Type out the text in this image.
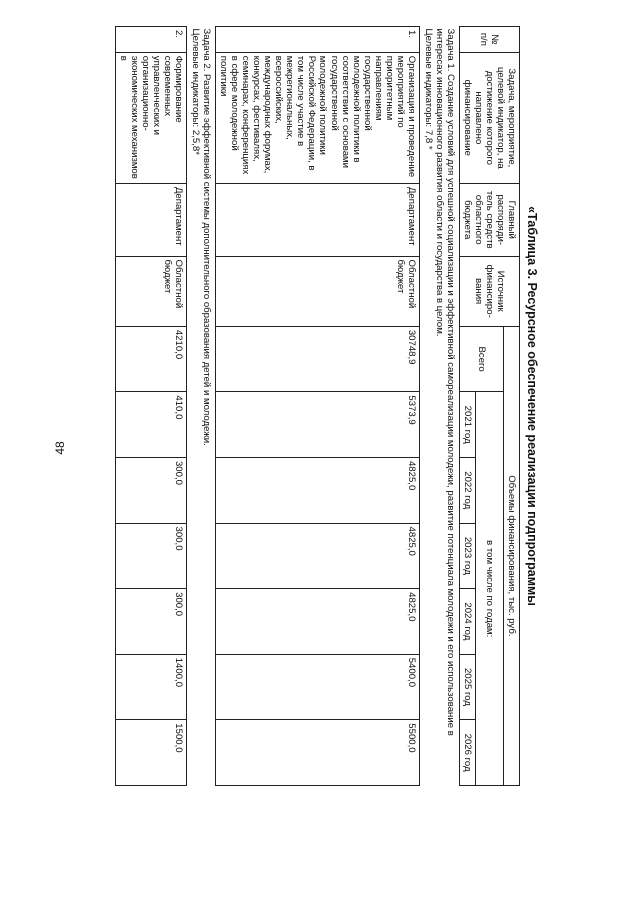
48	«Таблица 3. Ресурсное обеспечение реализации подпрограммы
№ п/п	Задача, мероприятие, целевой индикатор, на достижение которого направлено финансирование	Главный распоряди-тель средств областного бюджета	Источник финансиро-вания	Объемы финансирования, тыс. руб.						
				Всего	в том числе по годам:					
					2021 год	2022 год	2023 год	2024 год	2025 год	2026 год

Задача 1. Создание условий для успешной социализации и эффективной самореализации молодежи, развитие потенциала молодежи и его использование в интересах инновационного развития области и государства в целом.
Целевые индикаторы: 7,8 *										

1.	Организация и проведение мероприятий по приоритетным направлениям государственной молодежной политики в соответствии с основами государственной молодежной политики Российской Федерации, в том числе участие в межрегиональных, всероссийских, международных форумах, конкурсах, фестивалях, семинарах, конференциях в сфере молодежной политики	Департамент	Областной бюджет	30748,9	5373,9	4825,0	4825,0	4825,0	5400,0	5500,0

Задача 2. Развитие эффективной системы дополнительного образования детей и молодежи.
Целевые индикаторы: 2,5,8*										

2.	Формирование современных управленческих и организационно-экономических механизмов в	Департамент	Областной бюджет	4210,0	410,0	300,0	300,0	300,0	1400,0	1500,0
